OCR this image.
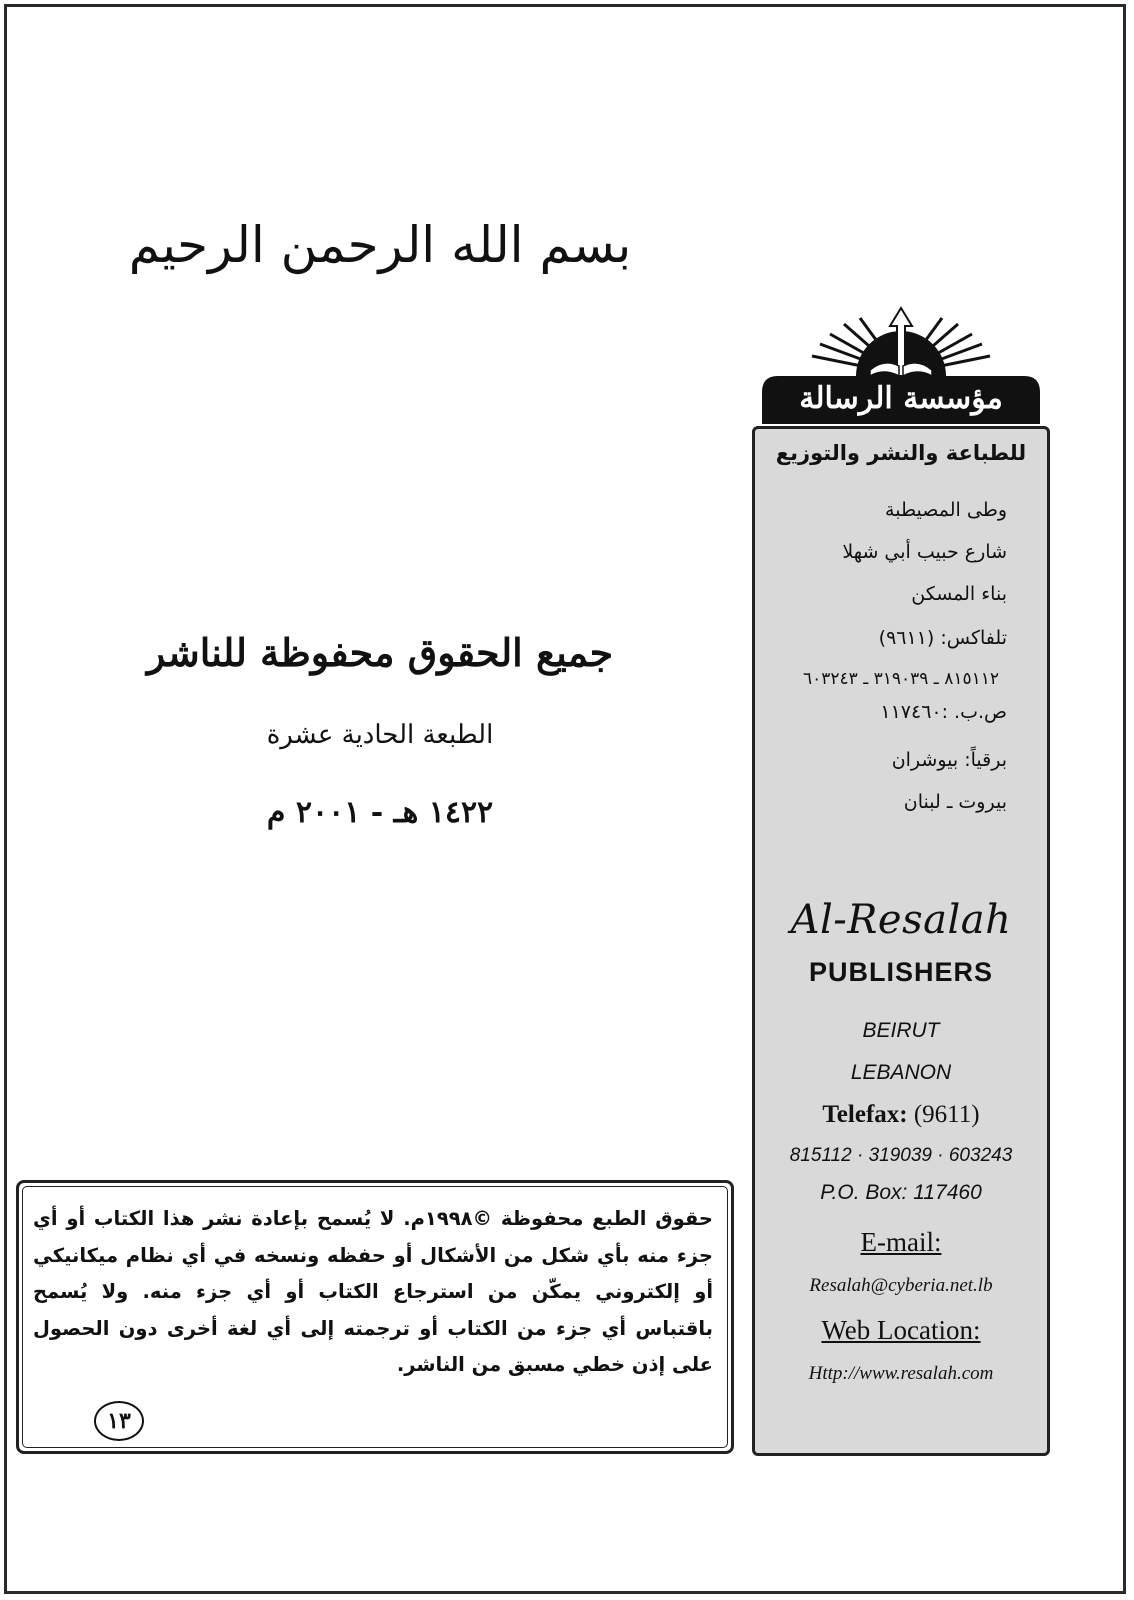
بسم الله الرحمن الرحيم
جميع الحقوق محفوظة للناشر
الطبعة الحادية عشرة
١٤٢٢ هـ - ٢٠٠١ م
حقوق الطبع محفوظة ©١٩٩٨م. لا يُسمح بإعادة نشر هذا الكتاب أو أي جزء منه بأي شكل من الأشكال أو حفظه ونسخه في أي نظام ميكانيكي أو إلكتروني يمكّن من استرجاع الكتاب أو أي جزء منه. ولا يُسمح باقتباس أي جزء من الكتاب أو ترجمته إلى أي لغة أخرى دون الحصول على إذن خطي مسبق من الناشر.
١٣
مؤسسة الرسالة
للطباعة والنشر والتوزيع
وطى المصيطبة
شارع حبيب أبي شهلا
بناء المسكن
تلفاكس: (٩٦١١)
٨١٥١١٢ ـ ٣١٩٠٣٩ ـ ٦٠٣٢٤٣
ص.ب. :١١٧٤٦٠
برقياً: بيوشران
بيروت ـ لبنان
Al-Resalah
PUBLISHERS
BEIRUT
LEBANON
Telefax: (9611)
815112 · 319039 · 603243
P.O. Box: 117460
E-mail:
Resalah@cyberia.net.lb
Web Location:
Http://www.resalah.com
